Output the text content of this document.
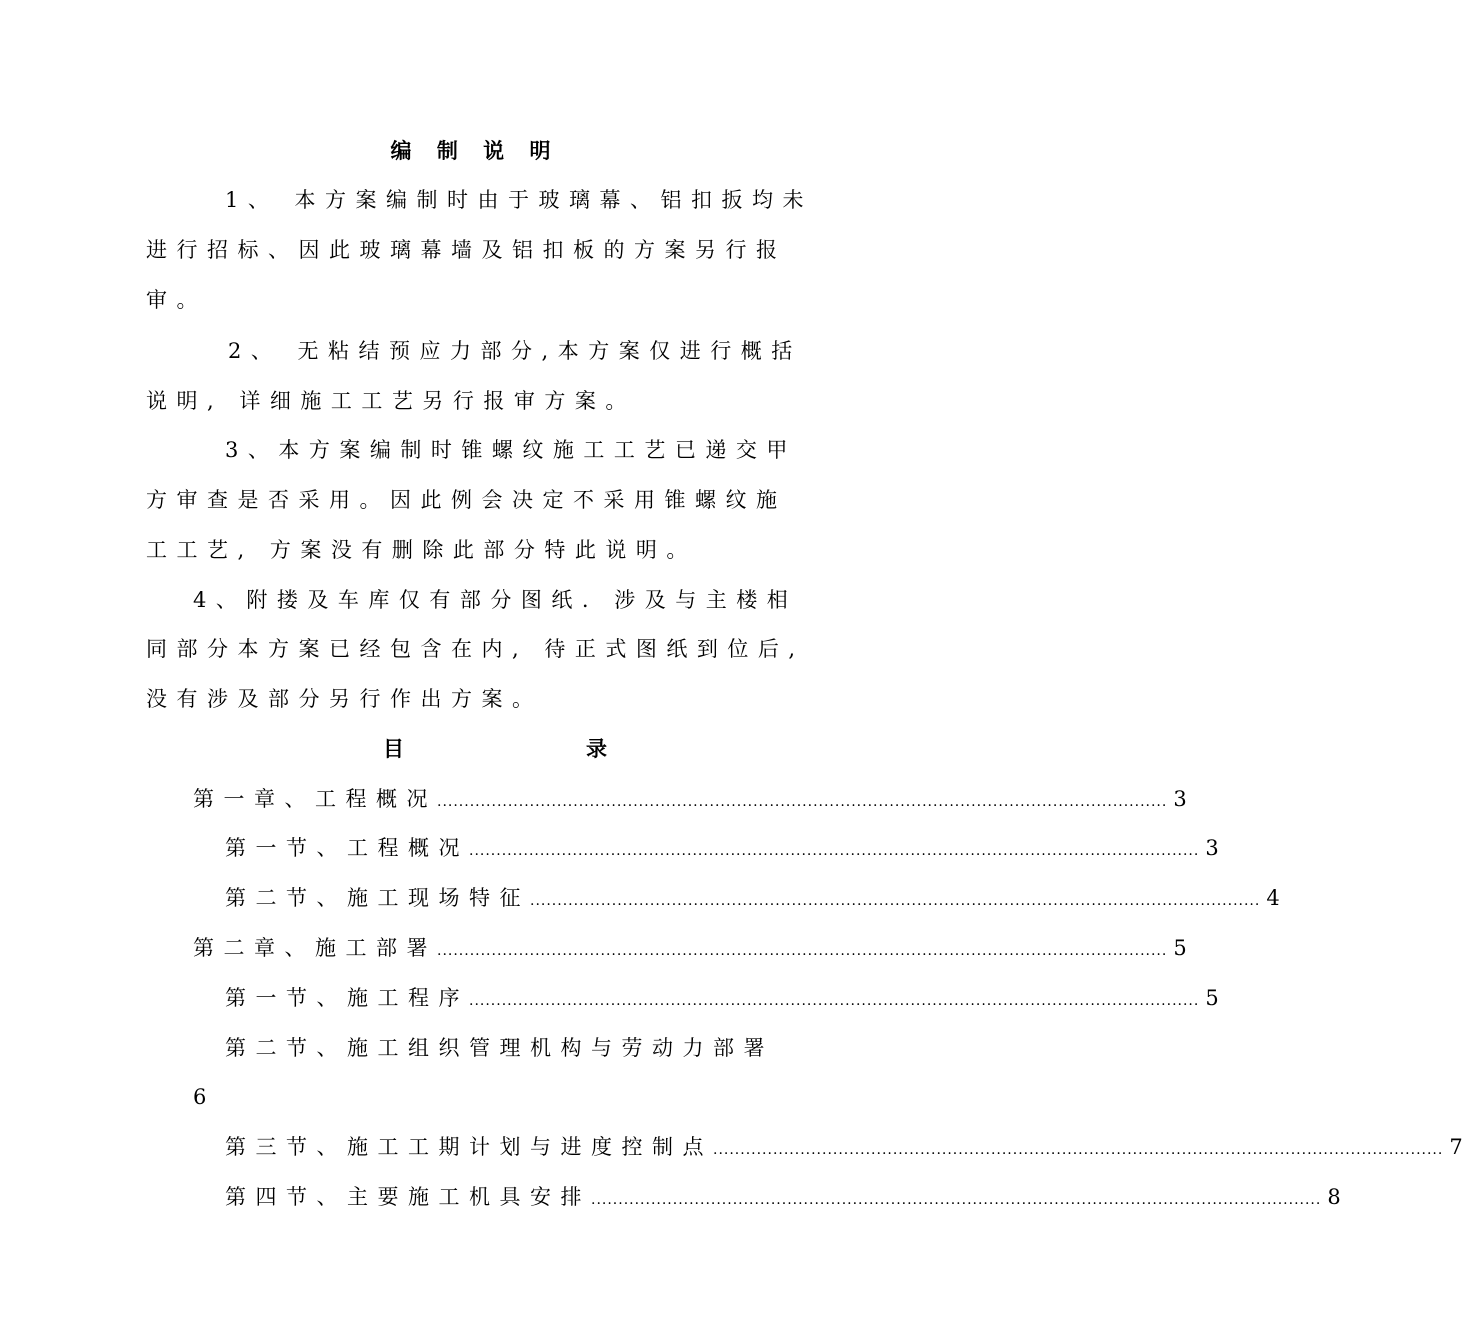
编 制 说 明
1、 本方案编制时由于玻璃幕、铝扣扳均未
进行招标、因此玻璃幕墙及铝扣板的方案另行报
审。
2、 无粘结预应力部分,本方案仅进行概括
说明, 详细施工工艺另行报审方案。
3、本方案编制时锥螺纹施工工艺已递交甲
方审查是否采用。因此例会决定不采用锥螺纹施
工工艺, 方案没有删除此部分特此说明。
4、附搂及车库仅有部分图纸. 涉及与主楼相
同部分本方案已经包含在内, 待正式图纸到位后,
没有涉及部分另行作出方案。
目	录
第一章、工程概况 ...................................................................................................................................... 3
第一节、工程概况 ...................................................................................................................................... 3
第二节、施工现场特征 ...................................................................................................................................... 4
第二章、施工部署 ...................................................................................................................................... 5
第一节、施工程序 ...................................................................................................................................... 5
第二节、施工组织管理机构与劳动力部署
6
第三节、施工工期计划与进度控制点 ...................................................................................................................................... 7
第四节、主要施工机具安排 ...................................................................................................................................... 8
